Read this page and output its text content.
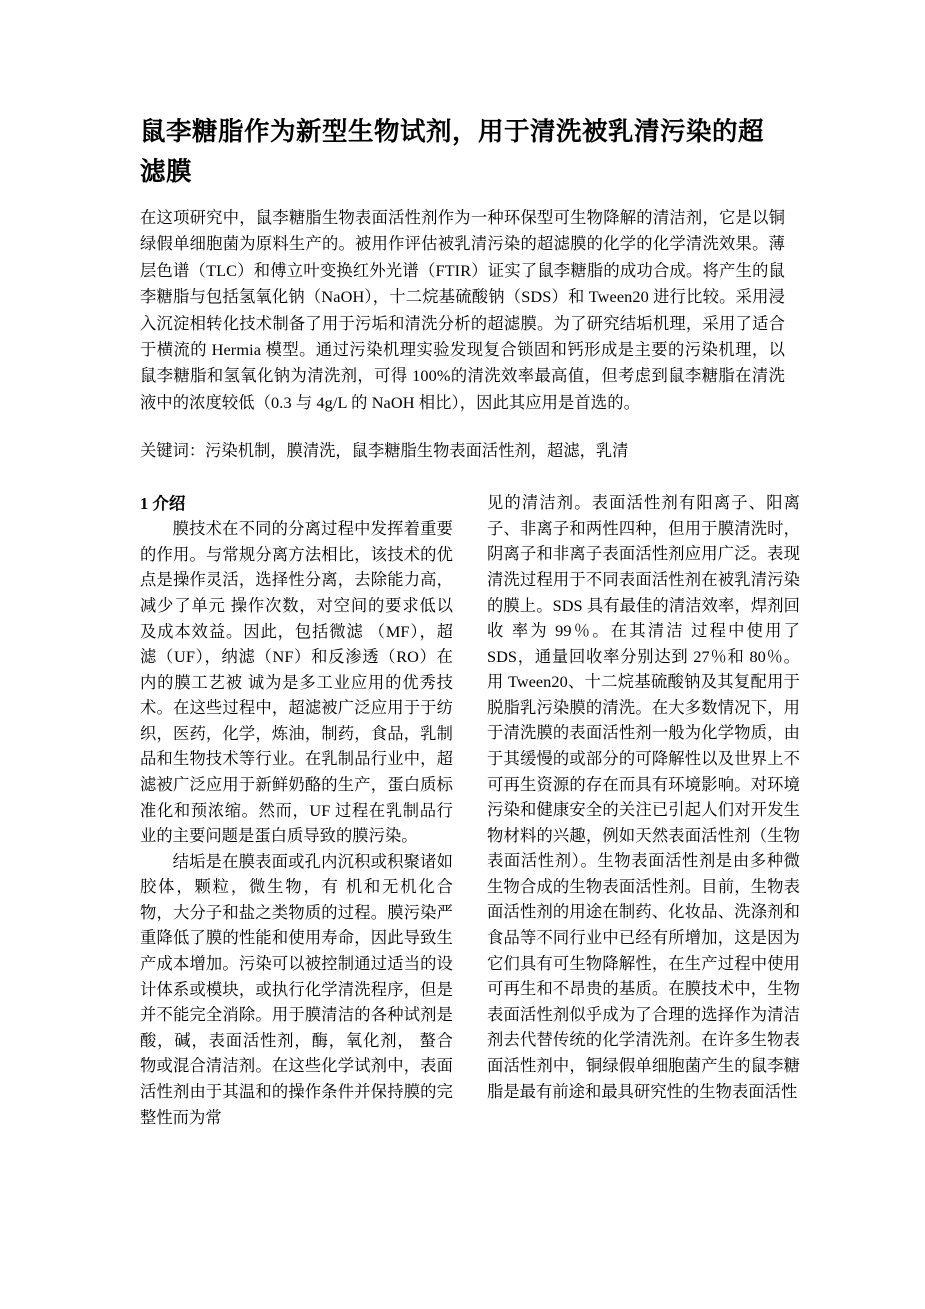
鼠李糖脂作为新型生物试剂，用于清洗被乳清污染的超滤膜

在这项研究中，鼠李糖脂生物表面活性剂作为一种环保型可生物降解的清洁剂，它是以铜绿假单细胞菌为原料生产的。被用作评估被乳清污染的超滤膜的化学的化学清洗效果。薄层色谱（TLC）和傅立叶变换红外光谱（FTIR）证实了鼠李糖脂的成功合成。将产生的鼠李糖脂与包括氢氧化钠（NaOH），十二烷基硫酸钠（SDS）和 Tween20 进行比较。采用浸入沉淀相转化技术制备了用于污垢和清洗分析的超滤膜。为了研究结垢机理，采用了适合于横流的 Hermia 模型。通过污染机理实验发现复合锁固和钙形成是主要的污染机理，以鼠李糖脂和氢氧化钠为清洗剂，可得 100%的清洗效率最高值，但考虑到鼠李糖脂在清洗液中的浓度较低（0.3 与 4g/L 的 NaOH 相比），因此其应用是首选的。

关键词：污染机制，膜清洗，鼠李糖脂生物表面活性剂，超滤，乳清

1 介绍

膜技术在不同的分离过程中发挥着重要的作用。与常规分离方法相比，该技术的优点是操作灵活，选择性分离，去除能力高，减少了单元 操作次数，对空间的要求低以及成本效益。因此，包括微滤 （MF），超滤（UF），纳滤（NF）和反渗透（RO）在内的膜工艺被 诚为是多工业应用的优秀技术。在这些过程中，超滤被广泛应用于于纺织，医药，化学，炼油，制药，食品，乳制品和生物技术等行业。在乳制品行业中，超滤被广泛应用于新鲜奶酪的生产，蛋白质标准化和预浓缩。然而，UF 过程在乳制品行业的主要问题是蛋白质导致的膜污染。

结垢是在膜表面或孔内沉积或积聚诸如胶体，颗粒，微生物，有 机和无机化合物，大分子和盐之类物质的过程。膜污染严重降低了膜的性能和使用寿命，因此导致生产成本增加。污染可以被控制通过适当的设计体系或模块，或执行化学清洗程序，但是并不能完全消除。用于膜清洁的各种试剂是酸，碱，表面活性剂，酶，氧化剂， 螯合物或混合清洁剂。在这些化学试剂中，表面活性剂由于其温和的操作条件并保持膜的完整性而为常

见的清洁剂。表面活性剂有阳离子、阳离子、非离子和两性四种，但用于膜清洗时，阴离子和非离子表面活性剂应用广泛。表现清洗过程用于不同表面活性剂在被乳清污染的膜上。SDS 具有最佳的清洁效率，焊剂回收 率为 99％。在其清洁 过程中使用了 SDS，通量回收率分别达到 27％和 80％。用 Tween20、十二烷基硫酸钠及其复配用于脱脂乳污染膜的清洗。在大多数情况下，用于清洗膜的表面活性剂一般为化学物质，由于其缓慢的或部分的可降解性以及世界上不可再生资源的存在而具有环境影响。对环境污染和健康安全的关注已引起人们对开发生物材料的兴趣，例如天然表面活性剂（生物表面活性剂）。生物表面活性剂是由多种微生物合成的生物表面活性剂。目前，生物表面活性剂的用途在制药、化妆品、洗涤剂和食品等不同行业中已经有所增加，这是因为它们具有可生物降解性，在生产过程中使用可再生和不昂贵的基质。在膜技术中，生物表面活性剂似乎成为了合理的选择作为清洁剂去代替传统的化学清洗剂。在许多生物表面活性剂中，铜绿假单细胞菌产生的鼠李糖脂是最有前途和最具研究性的生物表面活性
